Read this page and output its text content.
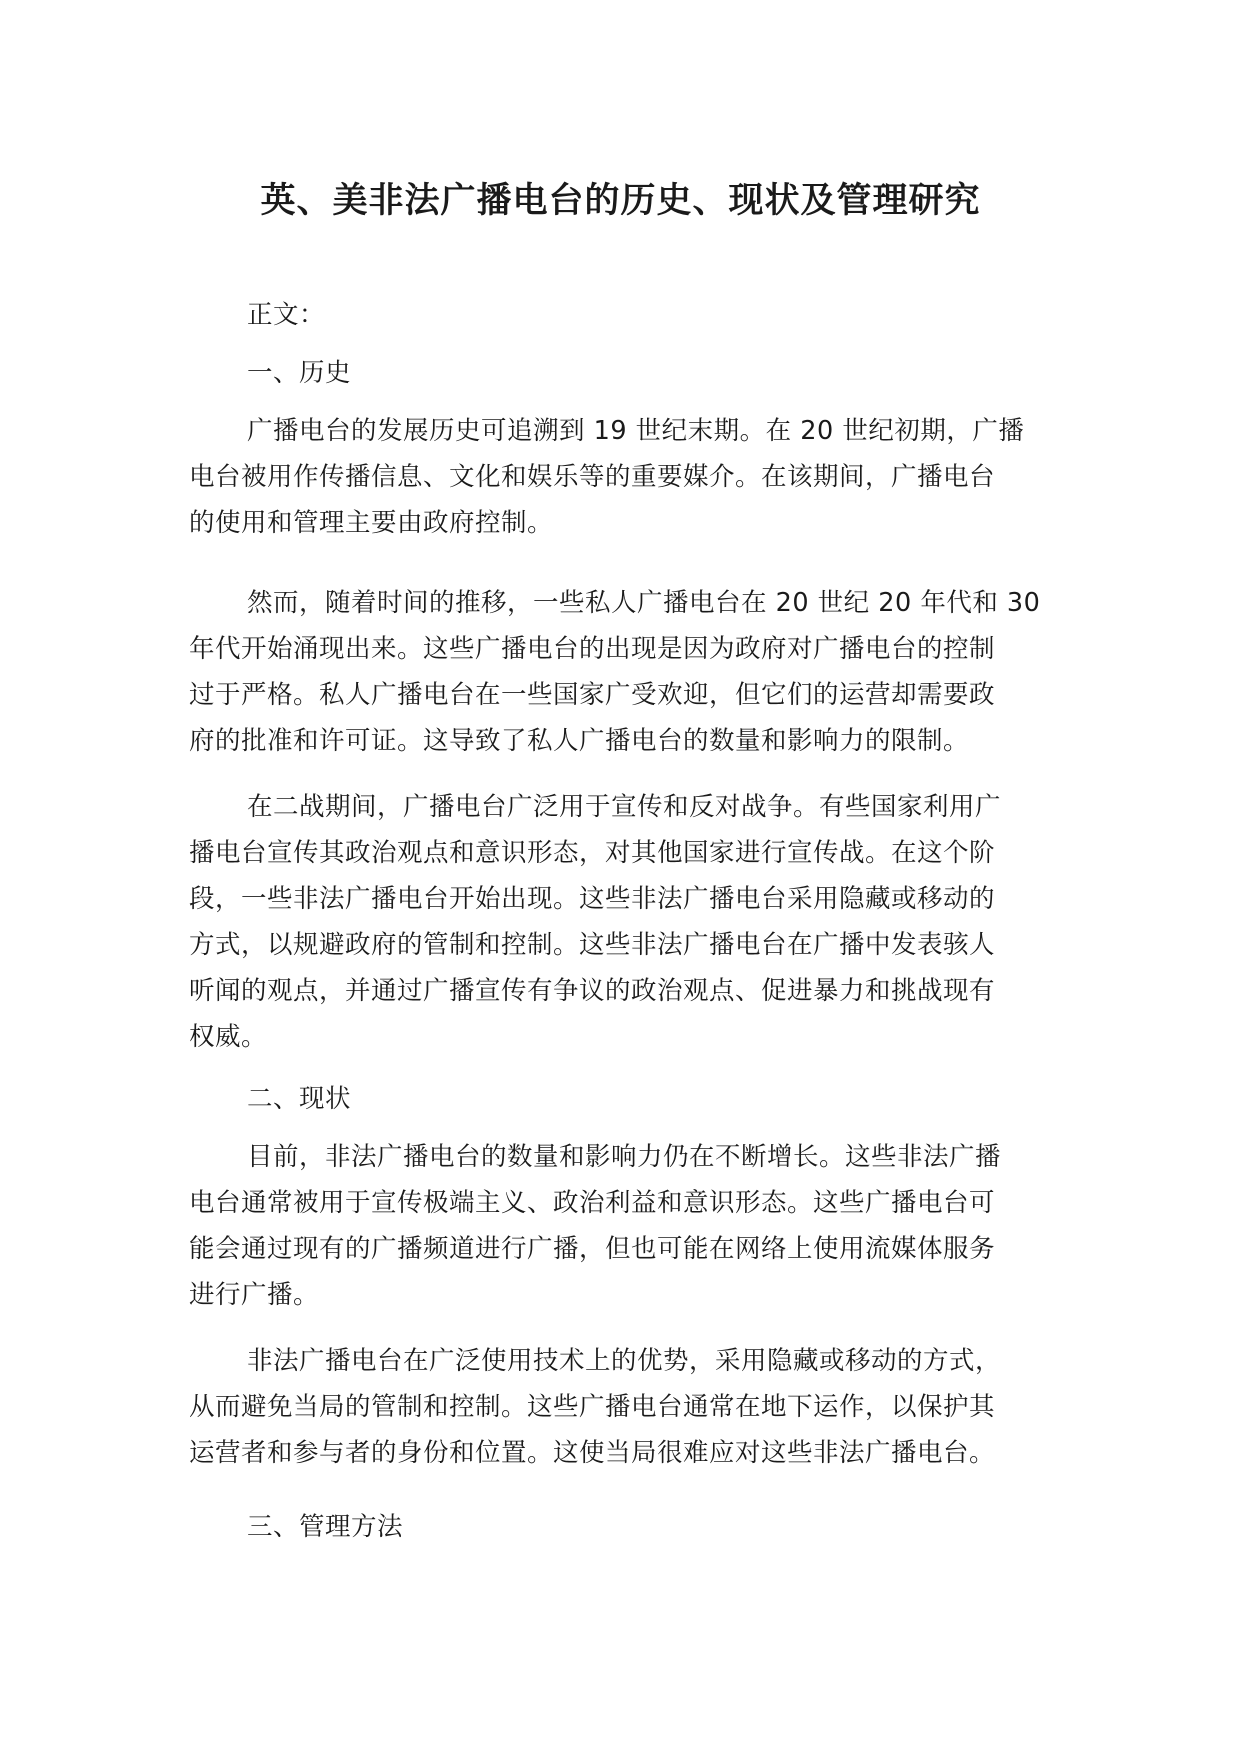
英、美非法广播电台的历史、现状及管理研究
正文：
一、历史
广播电台的发展历史可追溯到 19 世纪末期。在 20 世纪初期，广播
电台被用作传播信息、文化和娱乐等的重要媒介。在该期间，广播电台
的使用和管理主要由政府控制。
然而，随着时间的推移，一些私人广播电台在 20 世纪 20 年代和 30
年代开始涌现出来。这些广播电台的出现是因为政府对广播电台的控制
过于严格。私人广播电台在一些国家广受欢迎，但它们的运营却需要政
府的批准和许可证。这导致了私人广播电台的数量和影响力的限制。
在二战期间，广播电台广泛用于宣传和反对战争。有些国家利用广
播电台宣传其政治观点和意识形态，对其他国家进行宣传战。在这个阶
段，一些非法广播电台开始出现。这些非法广播电台采用隐藏或移动的
方式，以规避政府的管制和控制。这些非法广播电台在广播中发表骇人
听闻的观点，并通过广播宣传有争议的政治观点、促进暴力和挑战现有
权威。
二、现状
目前，非法广播电台的数量和影响力仍在不断增长。这些非法广播
电台通常被用于宣传极端主义、政治利益和意识形态。这些广播电台可
能会通过现有的广播频道进行广播，但也可能在网络上使用流媒体服务
进行广播。
非法广播电台在广泛使用技术上的优势，采用隐藏或移动的方式，
从而避免当局的管制和控制。这些广播电台通常在地下运作，以保护其
运营者和参与者的身份和位置。这使当局很难应对这些非法广播电台。
三、管理方法
